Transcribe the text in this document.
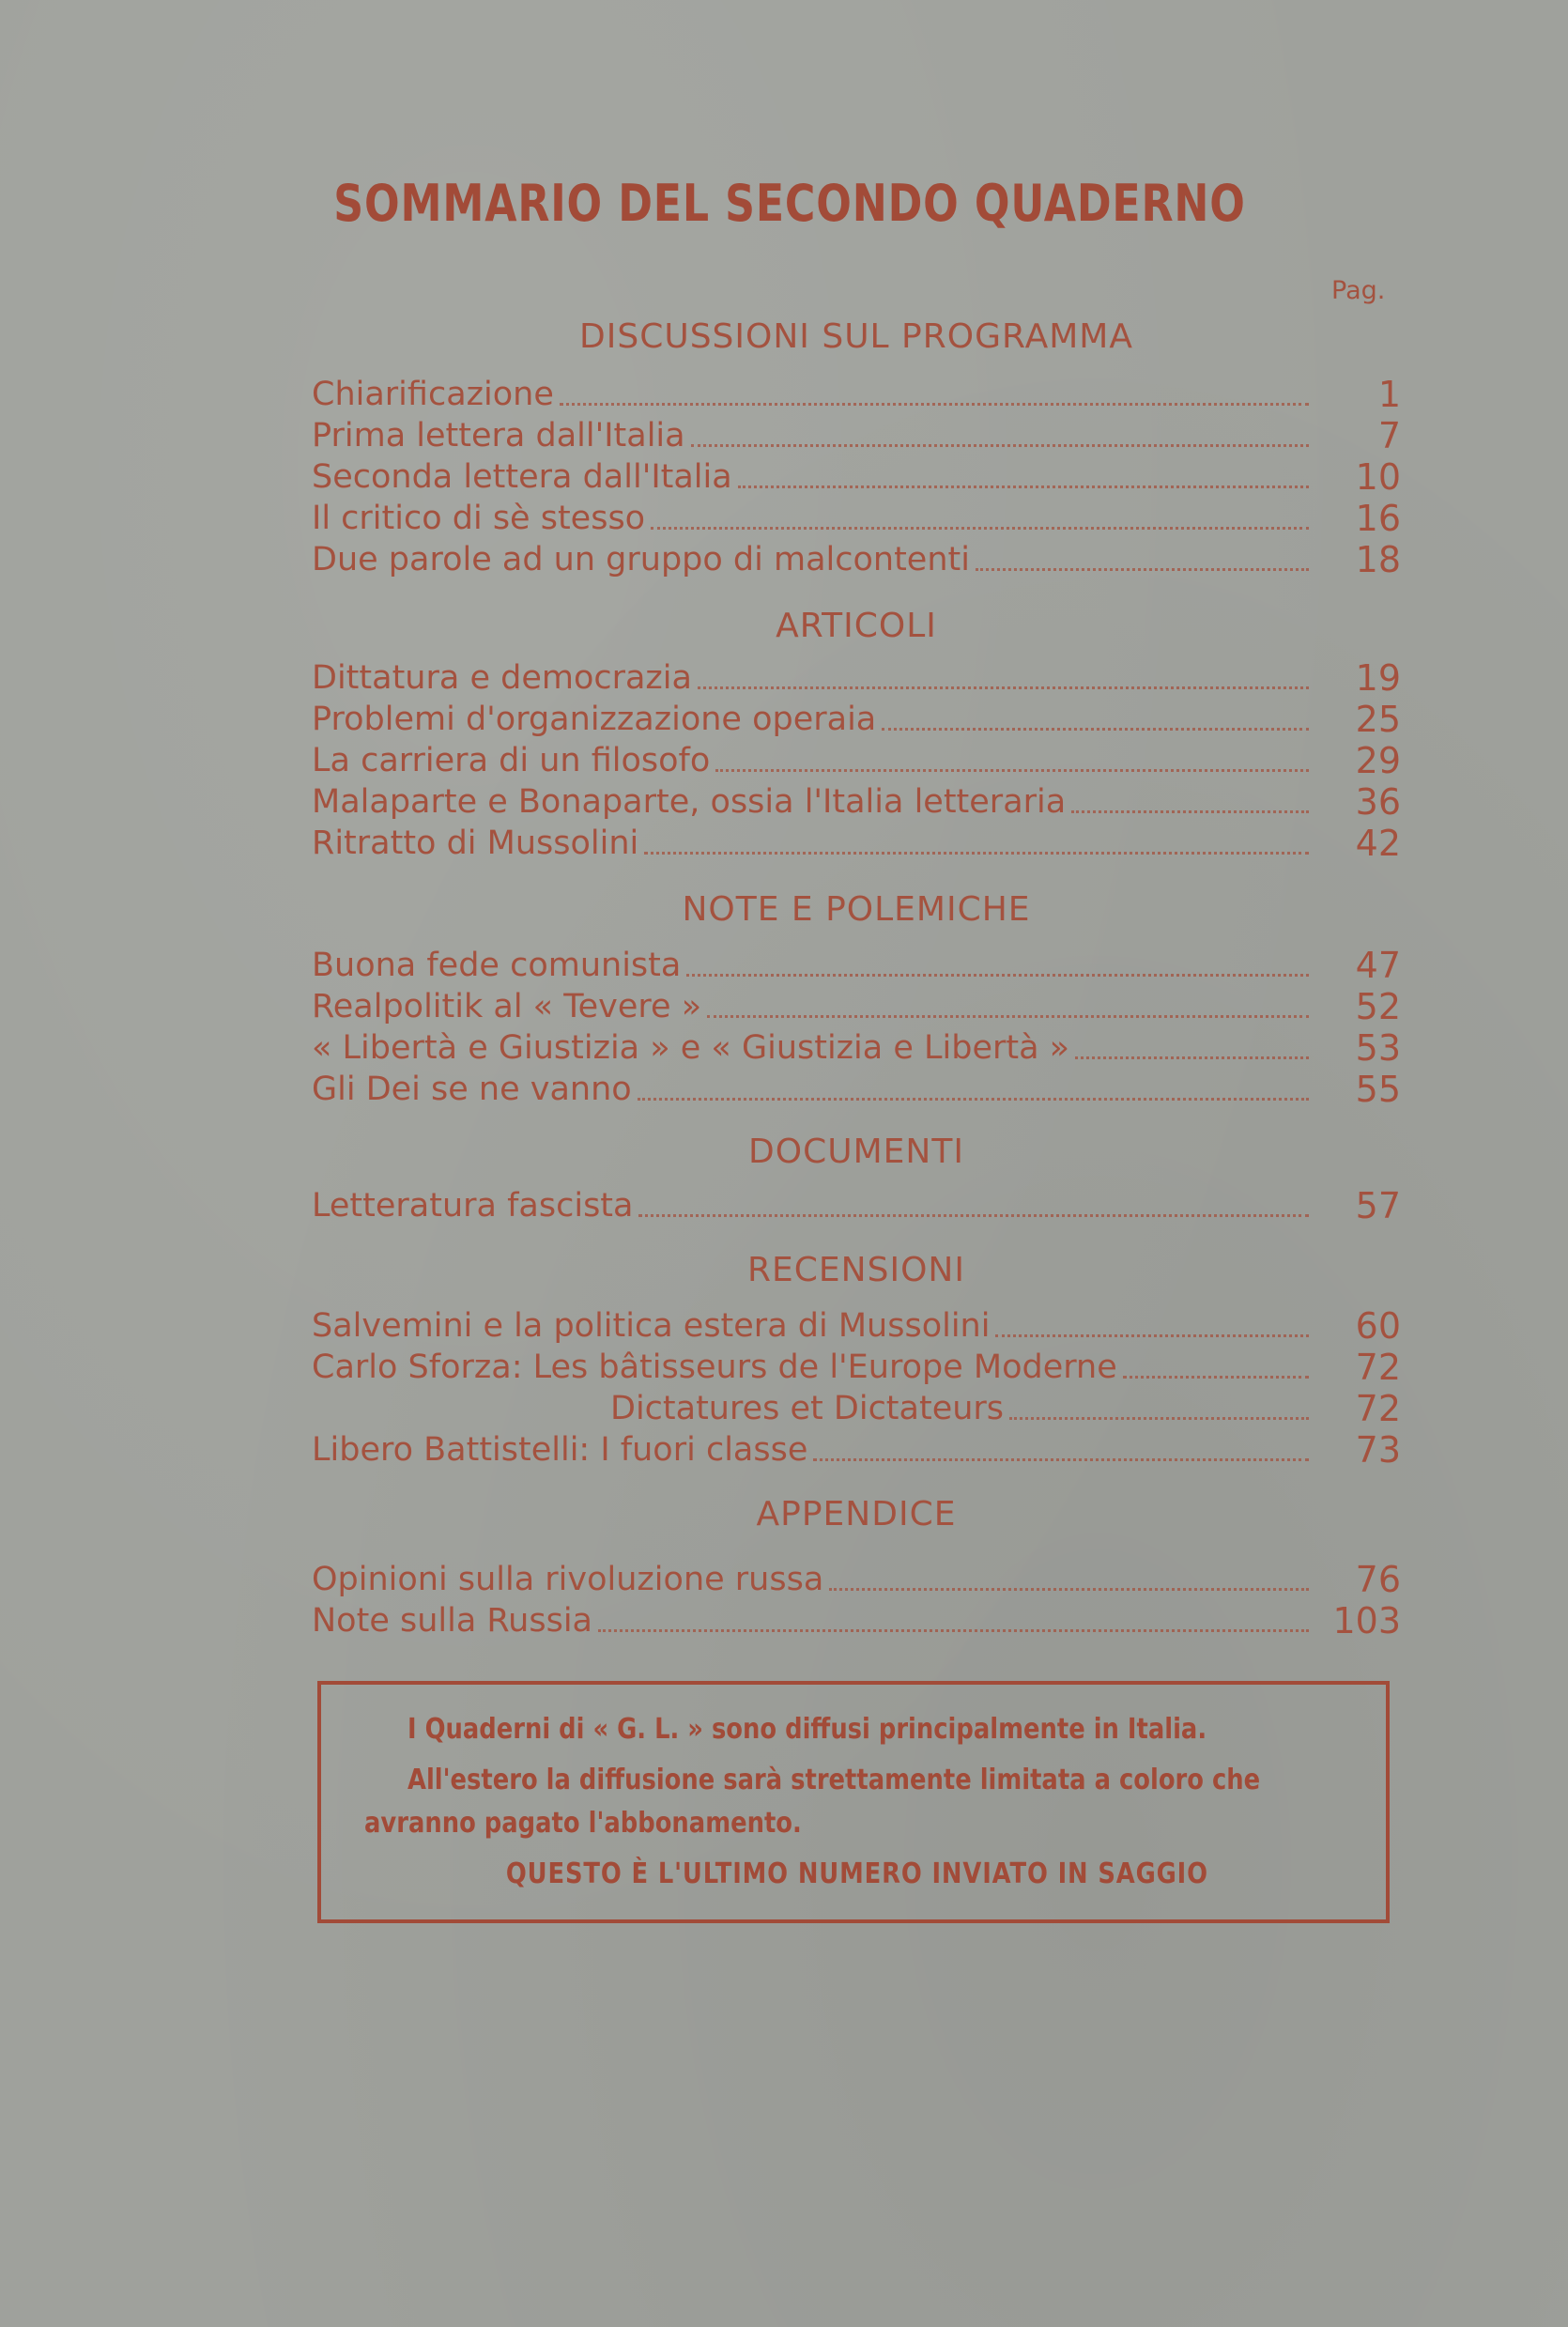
SOMMARIO DEL SECONDO QUADERNO
Pag.
DISCUSSIONI SUL PROGRAMMA
Chiarificazione	1
Prima lettera dall'Italia	7
Seconda lettera dall'Italia	10
Il critico di sè stesso	16
Due parole ad un gruppo di malcontenti	18
ARTICOLI
Dittatura e democrazia	19
Problemi d'organizzazione operaia	25
La carriera di un filosofo	29
Malaparte e Bonaparte, ossia l'Italia letteraria	36
Ritratto di Mussolini	42
NOTE E POLEMICHE
Buona fede comunista	47
Realpolitik al « Tevere »	52
« Libertà e Giustizia » e « Giustizia e Libertà »	53
Gli Dei se ne vanno	55
DOCUMENTI
Letteratura fascista	57
RECENSIONI
Salvemini e la politica estera di Mussolini	60
Carlo Sforza: Les bâtisseurs de l'Europe Moderne	72
Dictatures et Dictateurs	72
Libero Battistelli: I fuori classe	73
APPENDICE
Opinioni sulla rivoluzione russa	76
Note sulla Russia	103
I Quaderni di « G. L. » sono diffusi principalmente in Italia.
All'estero la diffusione sarà strettamente limitata a coloro che
avranno pagato l'abbonamento.
QUESTO È L'ULTIMO NUMERO INVIATO IN SAGGIO
